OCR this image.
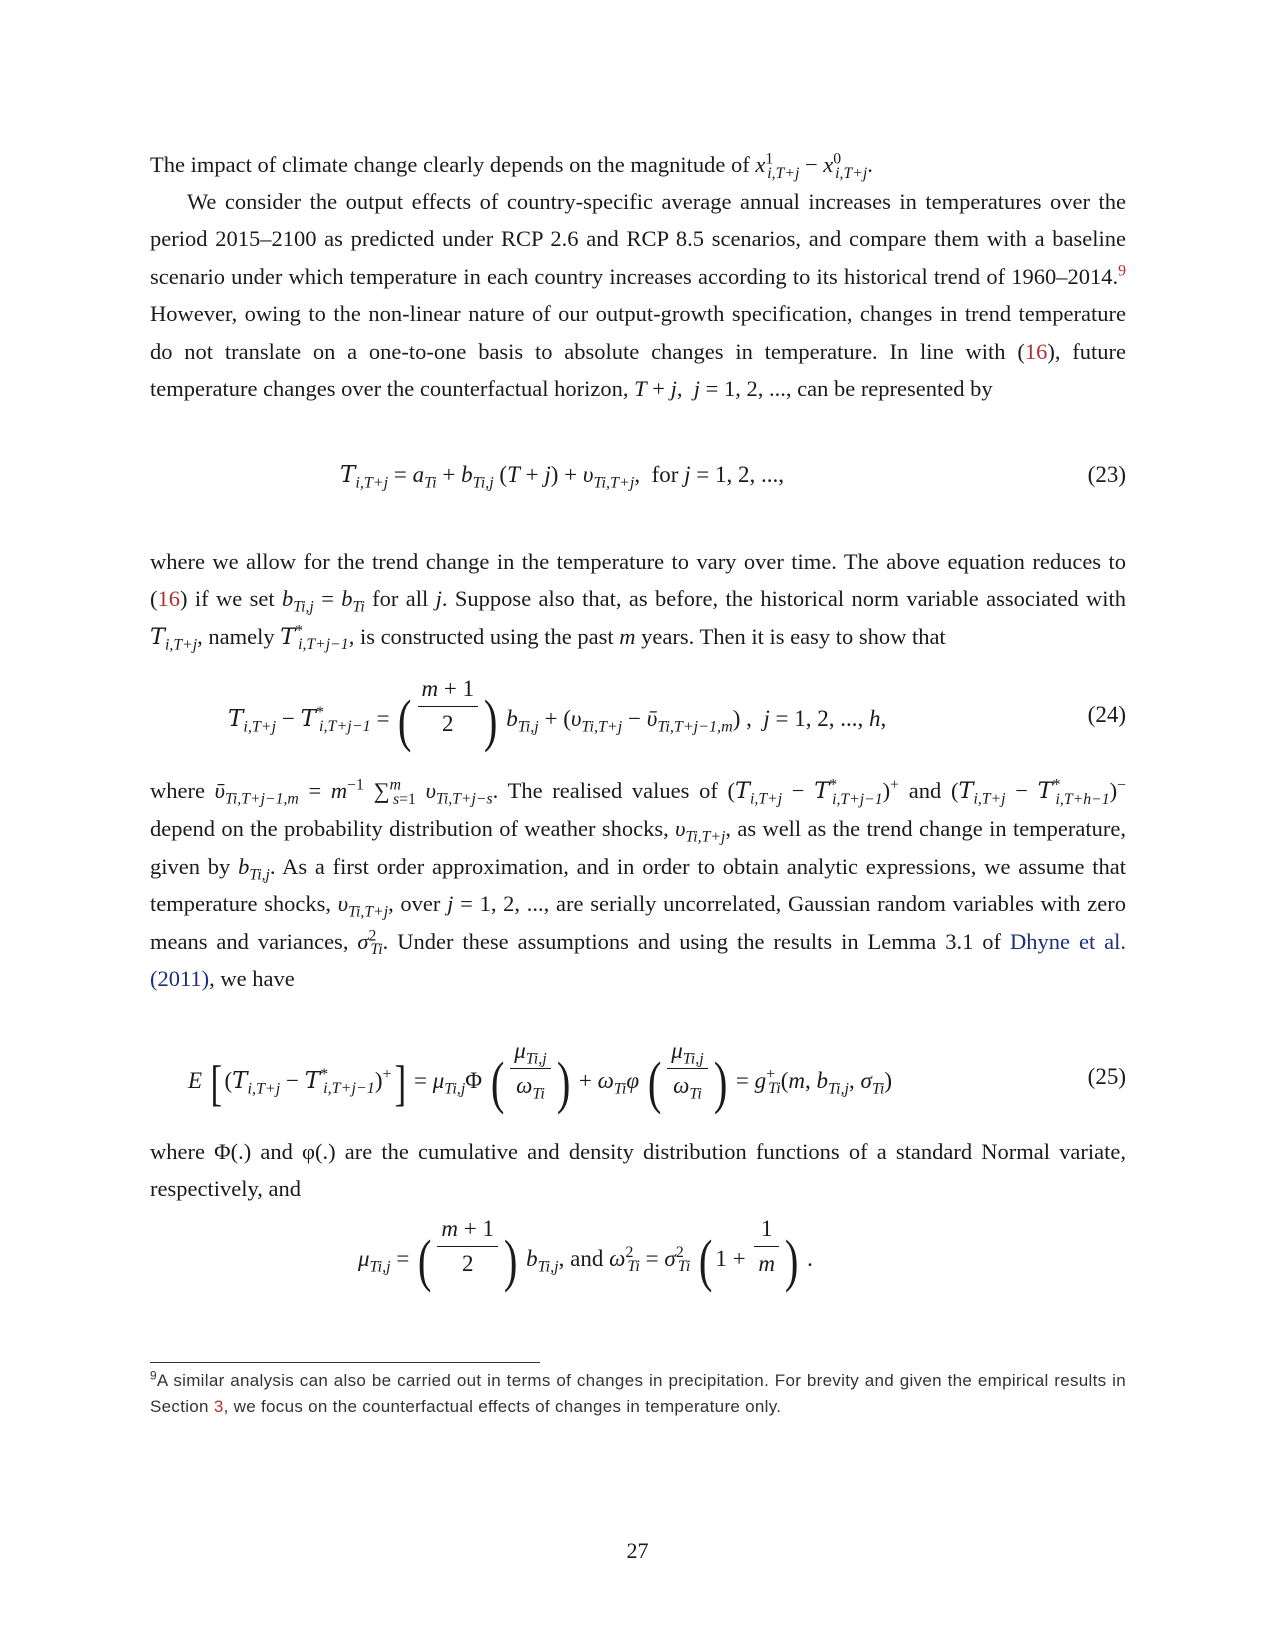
The impact of climate change clearly depends on the magnitude of $x^1_{i,T+j} - x^0_{i,T+j}$.

We consider the output effects of country-specific average annual increases in temperatures over the period 2015–2100 as predicted under RCP 2.6 and RCP 8.5 scenarios, and compare them with a baseline scenario under which temperature in each country increases according to its historical trend of 1960–2014.$^9$ However, owing to the non-linear nature of our output-growth specification, changes in trend temperature do not translate on a one-to-one basis to absolute changes in temperature. In line with (16), future temperature changes over the counterfactual horizon, T + j,  j = 1, 2, ..., can be represented by

$T_{i,T+j} = a_{Ti} + b_{Ti,j}$ $(T + j) + \upsilon_{Ti,T+j}$,  for j = 1, 2, ...,	(23)

where we allow for the trend change in the temperature to vary over time. The above equation reduces to (16) if we set $b_{Ti,j} = b_{Ti}$ for all j. Suppose also that, as before, the historical norm variable associated with $T_{i,T+j}$, namely $T^*_{i,T+j-1}$, is constructed using the past m years. Then it is easy to show that

$T_{i,T+j} - T^*_{i,T+j-1}$ = ( $\frac{m + 1}{2}$ ) $b_{Ti,j} + (\upsilon_{Ti,T+j}$ − ῡ$_{Ti,T+j-1,m}$) ,  j = 1, 2, ..., h,	(24)

where ῡ$_{Ti,T+j-1,m}$ = $m^{-1}$ ∑$^m_{s=1}$ $\upsilon_{Ti,T+j-s}$. The realised values of $(T_{i,T+j} - T^*_{i,T+j-1})^+$ and $(T_{i,T+j} - T^*_{i,T+h-1})^-$ depend on the probability distribution of weather shocks, $\upsilon_{Ti,T+j}$, as well as the trend change in temperature, given by $b_{Ti,j}$. As a first order approximation, and in order to obtain analytic expressions, we assume that temperature shocks, $\upsilon_{Ti,T+j}$, over j = 1, 2, ..., are serially uncorrelated, Gaussian random variables with zero means and variances, $\sigma^2_{Ti}$. Under these assumptions and using the results in Lemma 3.1 of Dhyne et al. (2011), we have

E [ $(T_{i,T+j} - T^*_{i,T+j-1})^+] = \mu_{Ti,j}\Phi$ ( $\frac{\mu_{Ti,j}}{\omega_{Ti}}$ ) + $\omega_{Ti}\varphi$ ( $\frac{\mu_{Ti,j}}{\omega_{Ti}}$ ) = $g^+_{Ti}(m$, $b_{Ti,j}$, $\sigma_{Ti}$)	(25)

where Φ(.) and φ(.) are the cumulative and density distribution functions of a standard Normal variate, respectively, and

$\mu_{Ti,j}$ = ( $\frac{m + 1}{2}$ ) $b_{Ti,j}$, and $\omega^2_{Ti} = \sigma^2_{Ti}$ ( $1 + \frac{1}{m}$ ) .

$^9$A similar analysis can also be carried out in terms of changes in precipitation. For brevity and given the empirical results in Section 3, we focus on the counterfactual effects of changes in temperature only.

27
